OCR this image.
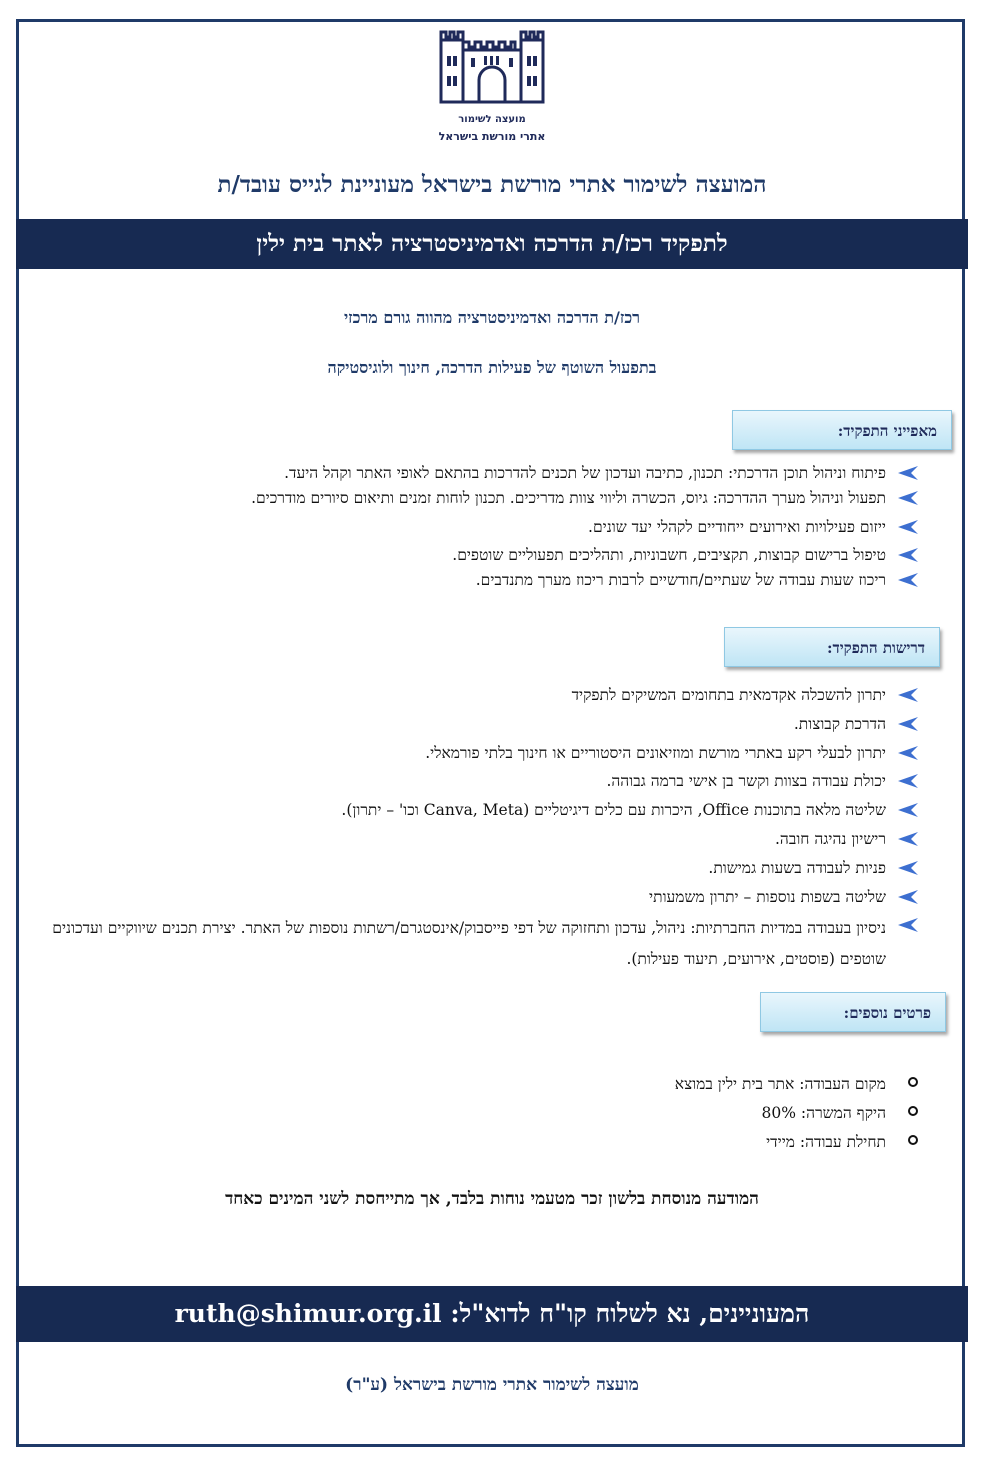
מועצה לשימור
אתרי מורשת בישראל
המועצה לשימור אתרי מורשת בישראל מעוניינת לגייס עובד/ת
לתפקיד רכז/ת הדרכה ואדמיניסטרציה לאתר בית ילין
רכז/ת הדרכה ואדמיניסטרציה מהווה גורם מרכזי
בתפעול השוטף של פעילות הדרכה, חינוך ולוגיסטיקה
מאפייני התפקיד:
פיתוח וניהול תוכן הדרכתי: תכנון, כתיבה ועדכון של תכנים להדרכות בהתאם לאופי האתר וקהל היעד.
תפעול וניהול מערך ההדרכה: גיוס, הכשרה וליווי צוות מדריכים. תכנון לוחות זמנים ותיאום סיורים מודרכים.
ייזום פעילויות ואירועים ייחודיים לקהלי יעד שונים.
טיפול ברישום קבוצות, תקציבים, חשבוניות, ותהליכים תפעוליים שוטפים.
ריכוז שעות עבודה של שעתיים/חודשיים לרבות ריכוז מערך מתנדבים.
דרישות התפקיד:
יתרון להשכלה אקדמאית בתחומים המשיקים לתפקיד
הדרכת קבוצות.
יתרון לבעלי רקע באתרי מורשת ומוזיאונים היסטוריים או חינוך בלתי פורמאלי.
יכולת עבודה בצוות וקשר בן אישי ברמה גבוהה.
שליטה מלאה בתוכנות Office, היכרות עם כלים דיגיטליים (Canva, Meta וכו' – יתרון).
רישיון נהיגה חובה.
פניות לעבודה בשעות גמישות.
שליטה בשפות נוספות – יתרון משמעותי
ניסיון בעבודה במדיות החברתיות: ניהול, עדכון ותחזוקה של דפי פייסבוק/אינסטגרם/רשתות נוספות של האתר. יצירת תכנים שיווקיים ועדכונים שוטפים (פוסטים, אירועים, תיעוד פעילות).
פרטים נוספים:
מקום העבודה: אתר בית ילין במוצא
היקף המשרה: 80%
תחילת עבודה: מיידי
המודעה מנוסחת בלשון זכר מטעמי נוחות בלבד, אך מתייחסת לשני המינים כאחד
המעוניינים, נא לשלוח קו"ח לדוא"ל: ruth@shimur.org.il
מועצה לשימור אתרי מורשת בישראל (ע"ר)
